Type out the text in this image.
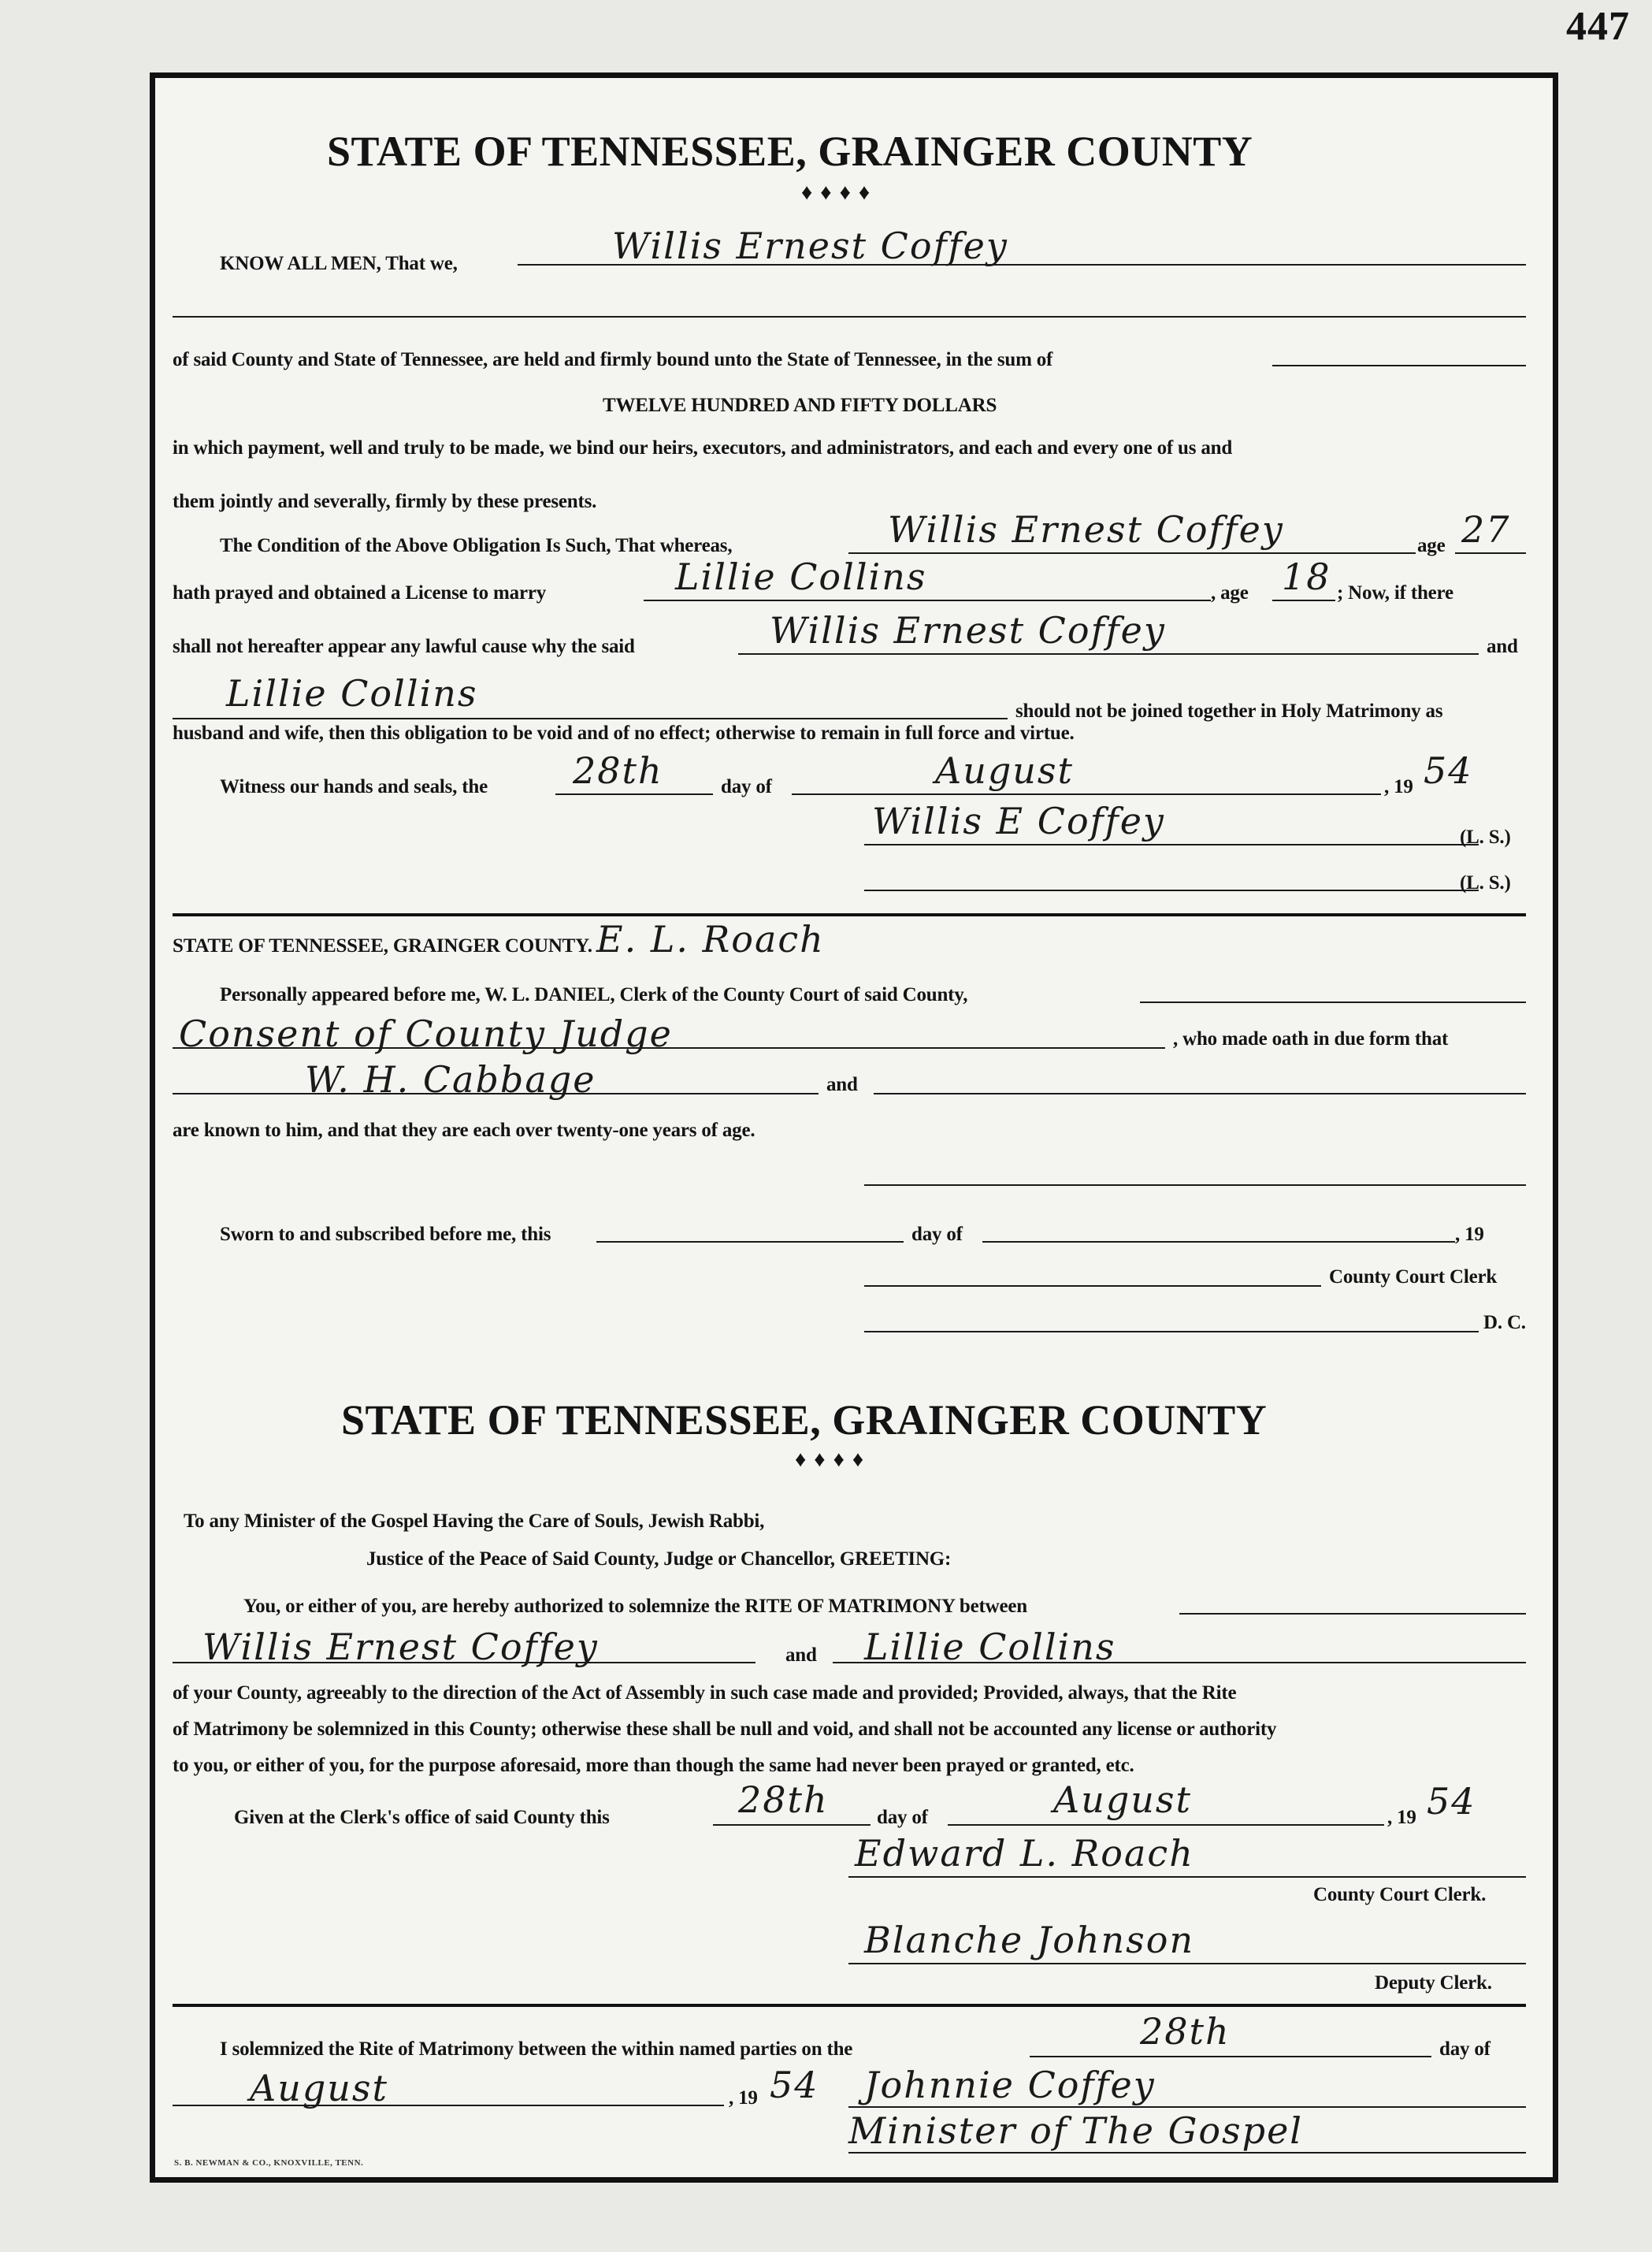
447
STATE OF TENNESSEE, GRAINGER COUNTY
♦♦♦♦
KNOW ALL MEN, That we,	Willis Ernest Coffey
of said County and State of Tennessee, are held and firmly bound unto the State of Tennessee, in the sum of
TWELVE HUNDRED AND FIFTY DOLLARS
in which payment, well and truly to be made, we bind our heirs, executors, and administrators, and each and every one of us and
them jointly and severally, firmly by these presents.
The Condition of the Above Obligation Is Such, That whereas,	Willis Ernest Coffey	age 27
hath prayed and obtained a License to marry	Lillie Collins	, age 18 ; Now, if there
shall not hereafter appear any lawful cause why the said	Willis Ernest Coffey	and
Lillie Collins	should not be joined together in Holy Matrimony as
husband and wife, then this obligation to be void and of no effect; otherwise to remain in full force and virtue.
Witness our hands and seals, the 28th	day of	August	, 19 54
Willis E Coffey	(L. S.)
(L. S.)
STATE OF TENNESSEE, GRAINGER COUNTY. E. L. Roach
Personally appeared before me, W. L. DANIEL, Clerk of the County Court of said County,
Consent of County Judge	, who made oath in due form that
W. H. Cabbage	and
are known to him, and that they are each over twenty-one years of age.
Sworn to and subscribed before me, this	day of	, 19
County Court Clerk
D. C.
STATE OF TENNESSEE, GRAINGER COUNTY
♦♦♦♦
To any Minister of the Gospel Having the Care of Souls, Jewish Rabbi,
Justice of the Peace of Said County, Judge or Chancellor, GREETING:
You, or either of you, are hereby authorized to solemnize the RITE OF MATRIMONY between
Willis Ernest Coffey	and Lillie Collins
of your County, agreeably to the direction of the Act of Assembly in such case made and provided; Provided, always, that the Rite
of Matrimony be solemnized in this County; otherwise these shall be null and void, and shall not be accounted any license or authority
to you, or either of you, for the purpose aforesaid, more than though the same had never been prayed or granted, etc.
Given at the Clerk's office of said County this	28th day of	August	, 19 54
Edward L. Roach
County Court Clerk.
Blanche Johnson
Deputy Clerk.
I solemnized the Rite of Matrimony between the within named parties on the	28th	day of
August	, 19 54 Johnnie Coffey
Minister of The Gospel
S. B. NEWMAN & CO., KNOXVILLE, TENN.
